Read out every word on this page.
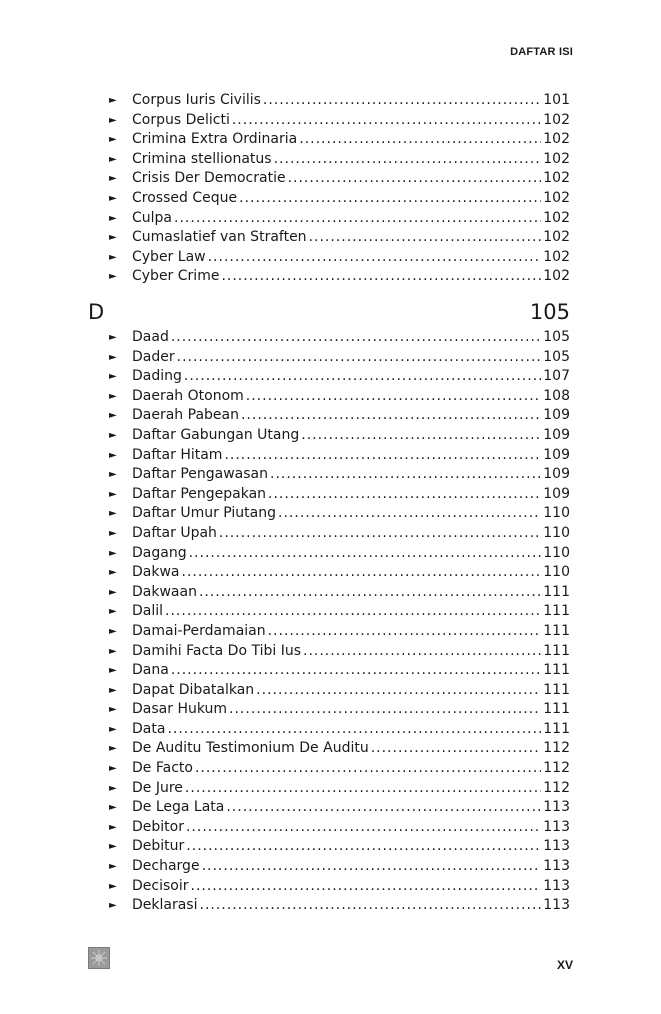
DAFTAR ISI
► Corpus Iuris Civilis .....	101
► Corpus Delicti .....	102
► Crimina Extra Ordinaria .....	102
► Crimina stellionatus .....	102
► Crisis Der Democratie .....	102
► Crossed Ceque .....	102
► Culpa .....	102
► Cumaslatief van Straften .....	102
► Cyber Law .....	102
► Cyber Crime .....	102
D	105
► Daad .....	105
► Dader .....	105
► Dading .....	107
► Daerah Otonom .....	108
► Daerah Pabean .....	109
► Daftar Gabungan Utang .....	109
► Daftar Hitam .....	109
► Daftar Pengawasan .....	109
► Daftar Pengepakan .....	109
► Daftar Umur Piutang .....	110
► Daftar Upah .....	110
► Dagang .....	110
► Dakwa .....	110
► Dakwaan .....	111
► Dalil .....	111
► Damai-Perdamaian .....	111
► Damihi Facta Do Tibi Ius .....	111
► Dana .....	111
► Dapat Dibatalkan .....	111
► Dasar Hukum .....	111
► Data .....	111
► De Auditu Testimonium De Auditu .....	112
► De Facto .....	112
► De Jure .....	112
► De Lega Lata .....	113
► Debitor .....	113
► Debitur .....	113
► Decharge .....	113
► Decisoir .....	113
► Deklarasi .....	113
XV
